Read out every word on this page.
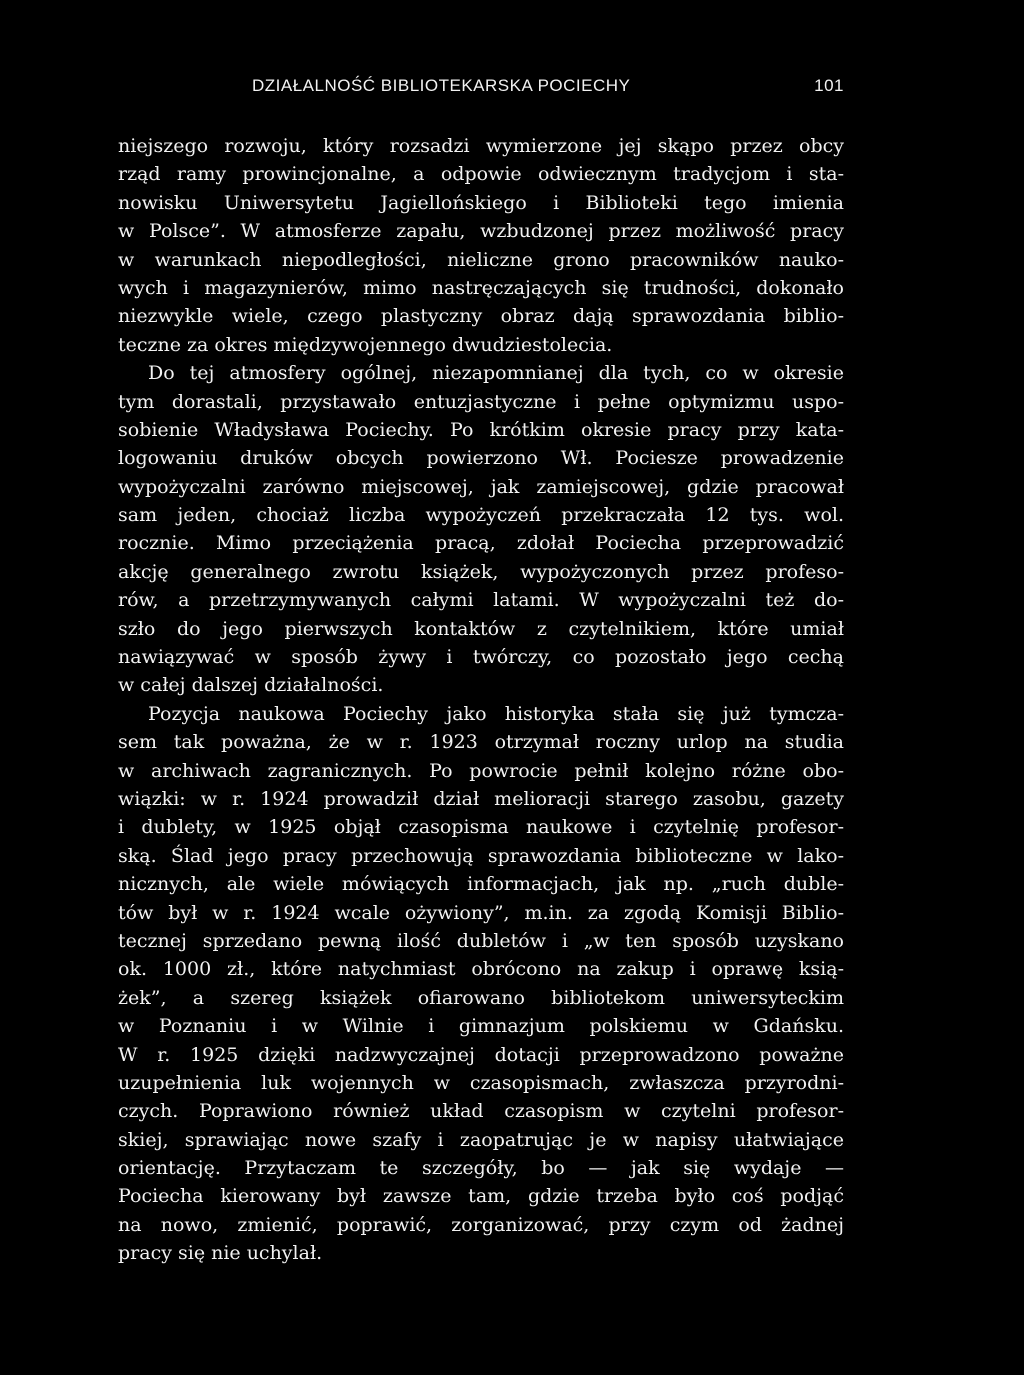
DZIAŁALNOŚĆ BIBLIOTEKARSKA POCIECHY	101
niejszego rozwoju, który rozsadzi wymierzone jej skąpo przez obcy
rząd ramy prowincjonalne, a odpowie odwiecznym tradycjom i sta-
nowisku Uniwersytetu Jagiellońskiego i Biblioteki tego imienia
w Polsce”. W atmosferze zapału, wzbudzonej przez możliwość pracy
w warunkach niepodległości, nieliczne grono pracowników nauko-
wych i magazynierów, mimo nastręczających się trudności, dokonało
niezwykle wiele, czego plastyczny obraz dają sprawozdania biblio-
teczne za okres międzywojennego dwudziestolecia.
Do tej atmosfery ogólnej, niezapomnianej dla tych, co w okresie
tym dorastali, przystawało entuzjastyczne i pełne optymizmu uspo-
sobienie Władysława Pociechy. Po krótkim okresie pracy przy kata-
logowaniu druków obcych powierzono Wł. Pociesze prowadzenie
wypożyczalni zarówno miejscowej, jak zamiejscowej, gdzie pracował
sam jeden, chociaż liczba wypożyczeń przekraczała 12 tys. wol.
rocznie. Mimo przeciążenia pracą, zdołał Pociecha przeprowadzić
akcję generalnego zwrotu książek, wypożyczonych przez profeso-
rów, a przetrzymywanych całymi latami. W wypożyczalni też do-
szło do jego pierwszych kontaktów z czytelnikiem, które umiał
nawiązywać w sposób żywy i twórczy, co pozostało jego cechą
w całej dalszej działalności.
Pozycja naukowa Pociechy jako historyka stała się już tymcza-
sem tak poważna, że w r. 1923 otrzymał roczny urlop na studia
w archiwach zagranicznych. Po powrocie pełnił kolejno różne obo-
wiązki: w r. 1924 prowadził dział melioracji starego zasobu, gazety
i dublety, w 1925 objął czasopisma naukowe i czytelnię profesor-
ską. Ślad jego pracy przechowują sprawozdania biblioteczne w lako-
nicznych, ale wiele mówiących informacjach, jak np. „ruch duble-
tów był w r. 1924 wcale ożywiony”, m.in. za zgodą Komisji Biblio-
tecznej sprzedano pewną ilość dubletów i „w ten sposób uzyskano
ok. 1000 zł., które natychmiast obrócono na zakup i oprawę ksią-
żek”, a szereg książek ofiarowano bibliotekom uniwersyteckim
w Poznaniu i w Wilnie i gimnazjum polskiemu w Gdańsku.
W r. 1925 dzięki nadzwyczajnej dotacji przeprowadzono poważne
uzupełnienia luk wojennych w czasopismach, zwłaszcza przyrodni-
czych. Poprawiono również układ czasopism w czytelni profesor-
skiej, sprawiając nowe szafy i zaopatrując je w napisy ułatwiające
orientację. Przytaczam te szczegóły, bo — jak się wydaje —
Pociecha kierowany był zawsze tam, gdzie trzeba było coś podjąć
na nowo, zmienić, poprawić, zorganizować, przy czym od żadnej
pracy się nie uchylał.
